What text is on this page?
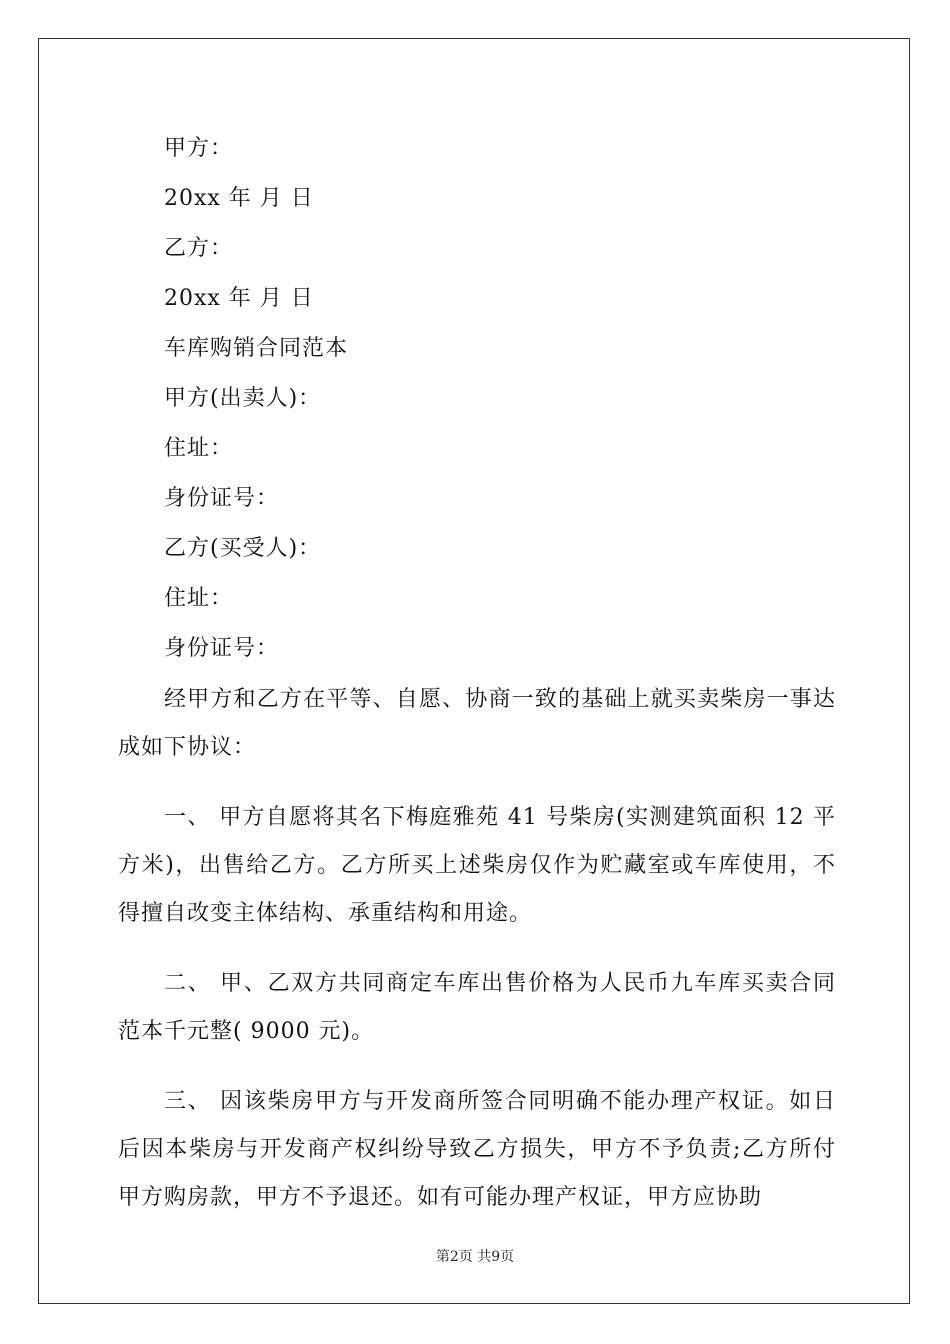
甲方：
20xx 年 月 日
乙方：
20xx 年 月 日
车库购销合同范本
甲方(出卖人)：
住址：
身份证号：
乙方(买受人)：
住址：
身份证号：

经甲方和乙方在平等、自愿、协商一致的基础上就买卖柴房一事达成如下协议：

一、 甲方自愿将其名下梅庭雅苑 41 号柴房(实测建筑面积 12 平方米)，出售给乙方。乙方所买上述柴房仅作为贮藏室或车库使用，不得擅自改变主体结构、承重结构和用途。

二、 甲、乙双方共同商定车库出售价格为人民币九车库买卖合同范本千元整( 9000 元)。

三、 因该柴房甲方与开发商所签合同明确不能办理产权证。如日后因本柴房与开发商产权纠纷导致乙方损失，甲方不予负责;乙方所付甲方购房款，甲方不予退还。如有可能办理产权证，甲方应协助

第2页 共9页
